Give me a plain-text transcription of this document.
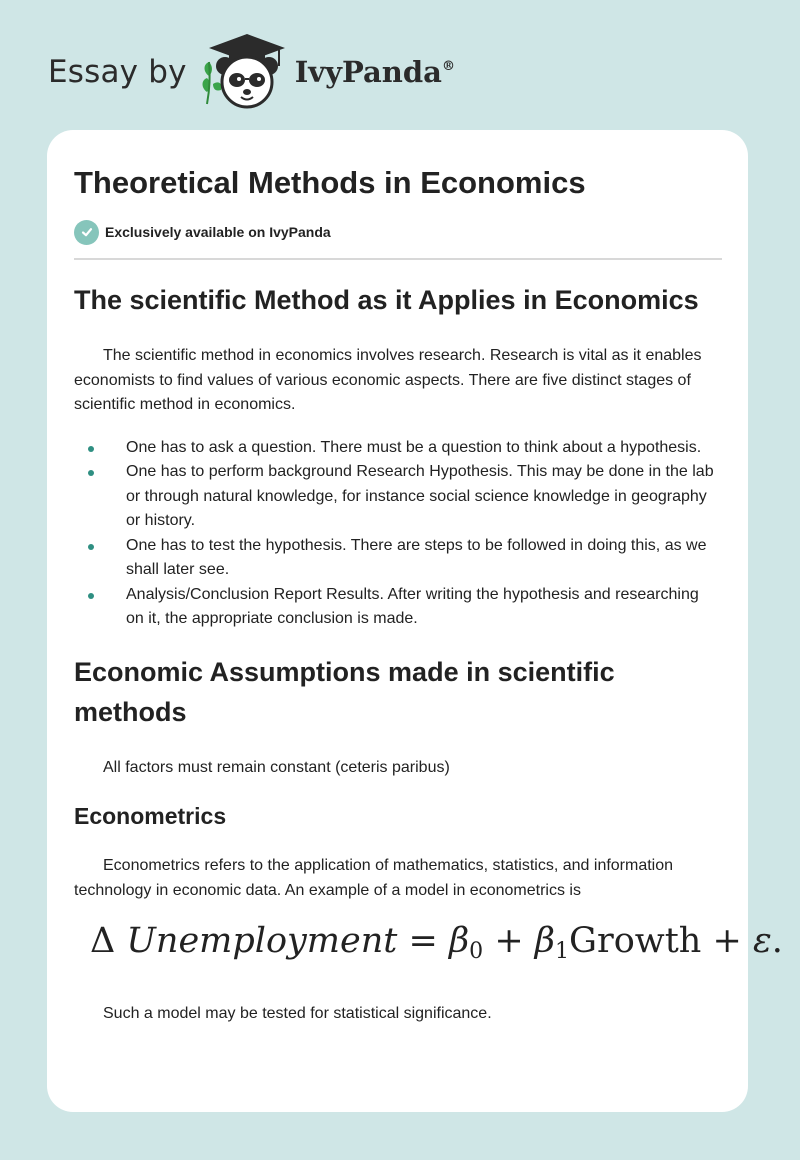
Essay by	IvyPanda®
Theoretical Methods in Economics
Exclusively available on IvyPanda
The scientific Method as it Applies in Economics

The scientific method in economics involves research. Research is vital as it enables economists to find values of various economic aspects. There are five distinct stages of scientific method in economics.

One has to ask a question. There must be a question to think about a hypothesis.
One has to perform background Research Hypothesis. This may be done in the lab or through natural knowledge, for instance social science knowledge in geography or history.
One has to test the hypothesis. There are steps to be followed in doing this, as we shall later see.
Analysis/Conclusion Report Results. After writing the hypothesis and researching on it, the appropriate conclusion is made.
Economic Assumptions made in scientific methods

All factors must remain constant (ceteris paribus)

Econometrics

Econometrics refers to the application of mathematics, statistics, and information technology in economic data. An example of a model in econometrics is

Δ Unemployment = $\beta_0$ + $\beta_1Growth + \varepsilon$.

Such a model may be tested for statistical significance.
